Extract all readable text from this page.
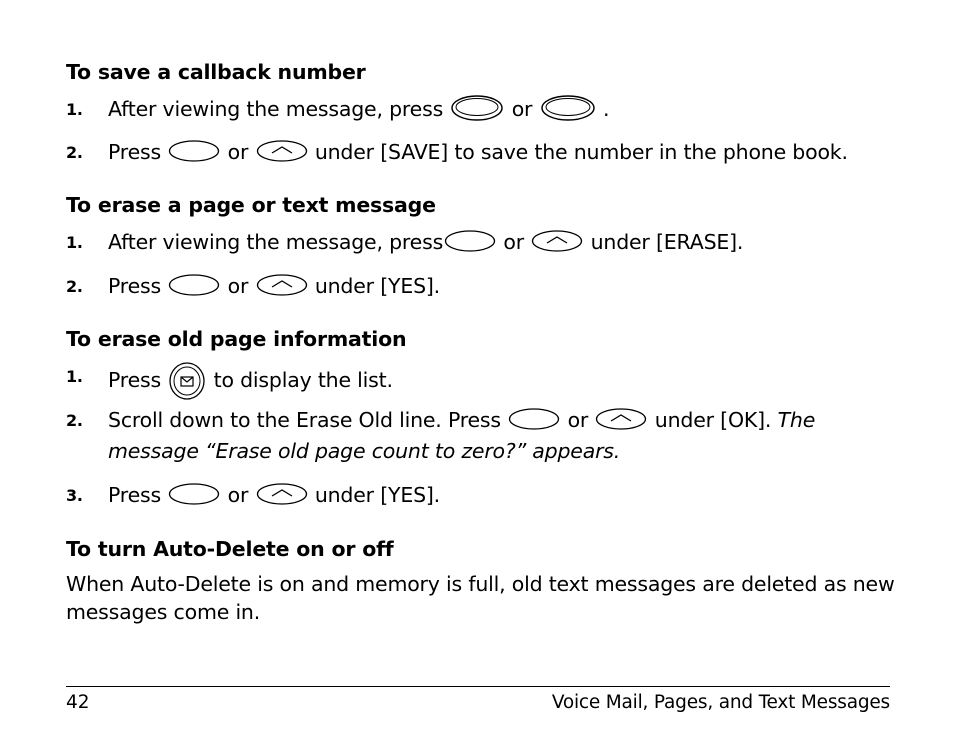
To save a callback number
1. After viewing the message, press	or	.
2. Press	or	under [SAVE] to save the number in the phone book.
To erase a page or text message
1. After viewing the message, press	or	under [ERASE].
2. Press	or	under [YES].
To erase old page information
1. Press	to display the list.
2. Scroll down to the Erase Old line. Press	or	under [OK]. The message “Erase old page count to zero?” appears.
3. Press	or	under [YES].
To turn Auto-Delete on or off

When Auto-Delete is on and memory is full, old text messages are deleted as new messages come in.

42	Voice Mail, Pages, and Text Messages
